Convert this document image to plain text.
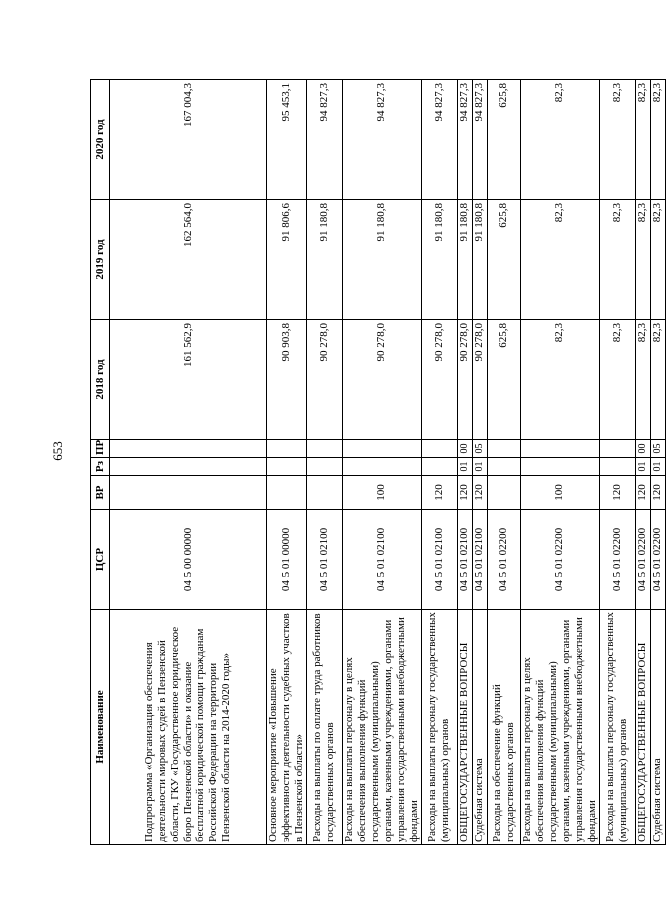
653
Наименование	ЦСР	ВР	Рз	ПР	2018 год	2019 год	2020 год
Подпрограмма «Организация обеспечения деятельности мировых судей в Пензенской области, ГКУ «Государственное юридическое бюро Пензенской области» и оказание бесплатной юридической помощи гражданам Российской Федерации на территории Пензенской области на 2014-2020 годы»	04 5 00 00000				161 562,9	162 564,0	167 004,3
Основное мероприятие «Повышение эффективности деятельности судебных участков в Пензенской области»	04 5 01 00000				90 903,8	91 806,6	95 453,1
Расходы на выплаты по оплате труда работников государственных органов	04 5 01 02100				90 278,0	91 180,8	94 827,3
Расходы на выплаты персоналу в целях обеспечения выполнения функций государственными (муниципальными) органами, казенными учреждениями, органами управления государственными внебюджетными фондами	04 5 01 02100	100			90 278,0	91 180,8	94 827,3
Расходы на выплаты персоналу государственных (муниципальных) органов	04 5 01 02100	120			90 278,0	91 180,8	94 827,3
ОБЩЕГОСУДАРСТВЕННЫЕ ВОПРОСЫ	04 5 01 02100	120	01	00	90 278,0	91 180,8	94 827,3
Судебная система	04 5 01 02100	120	01	05	90 278,0	91 180,8	94 827,3
Расходы на обеспечение функций государственных органов	04 5 01 02200				625,8	625,8	625,8
Расходы на выплаты персоналу в целях обеспечения выполнения функций государственными (муниципальными) органами, казенными учреждениями, органами управления государственными внебюджетными фондами	04 5 01 02200	100			82,3	82,3	82,3
Расходы на выплаты персоналу государственных (муниципальных) органов	04 5 01 02200	120			82,3	82,3	82,3
ОБЩЕГОСУДАРСТВЕННЫЕ ВОПРОСЫ	04 5 01 02200	120	01	00	82,3	82,3	82,3
Судебная система	04 5 01 02200	120	01	05	82,3	82,3	82,3
